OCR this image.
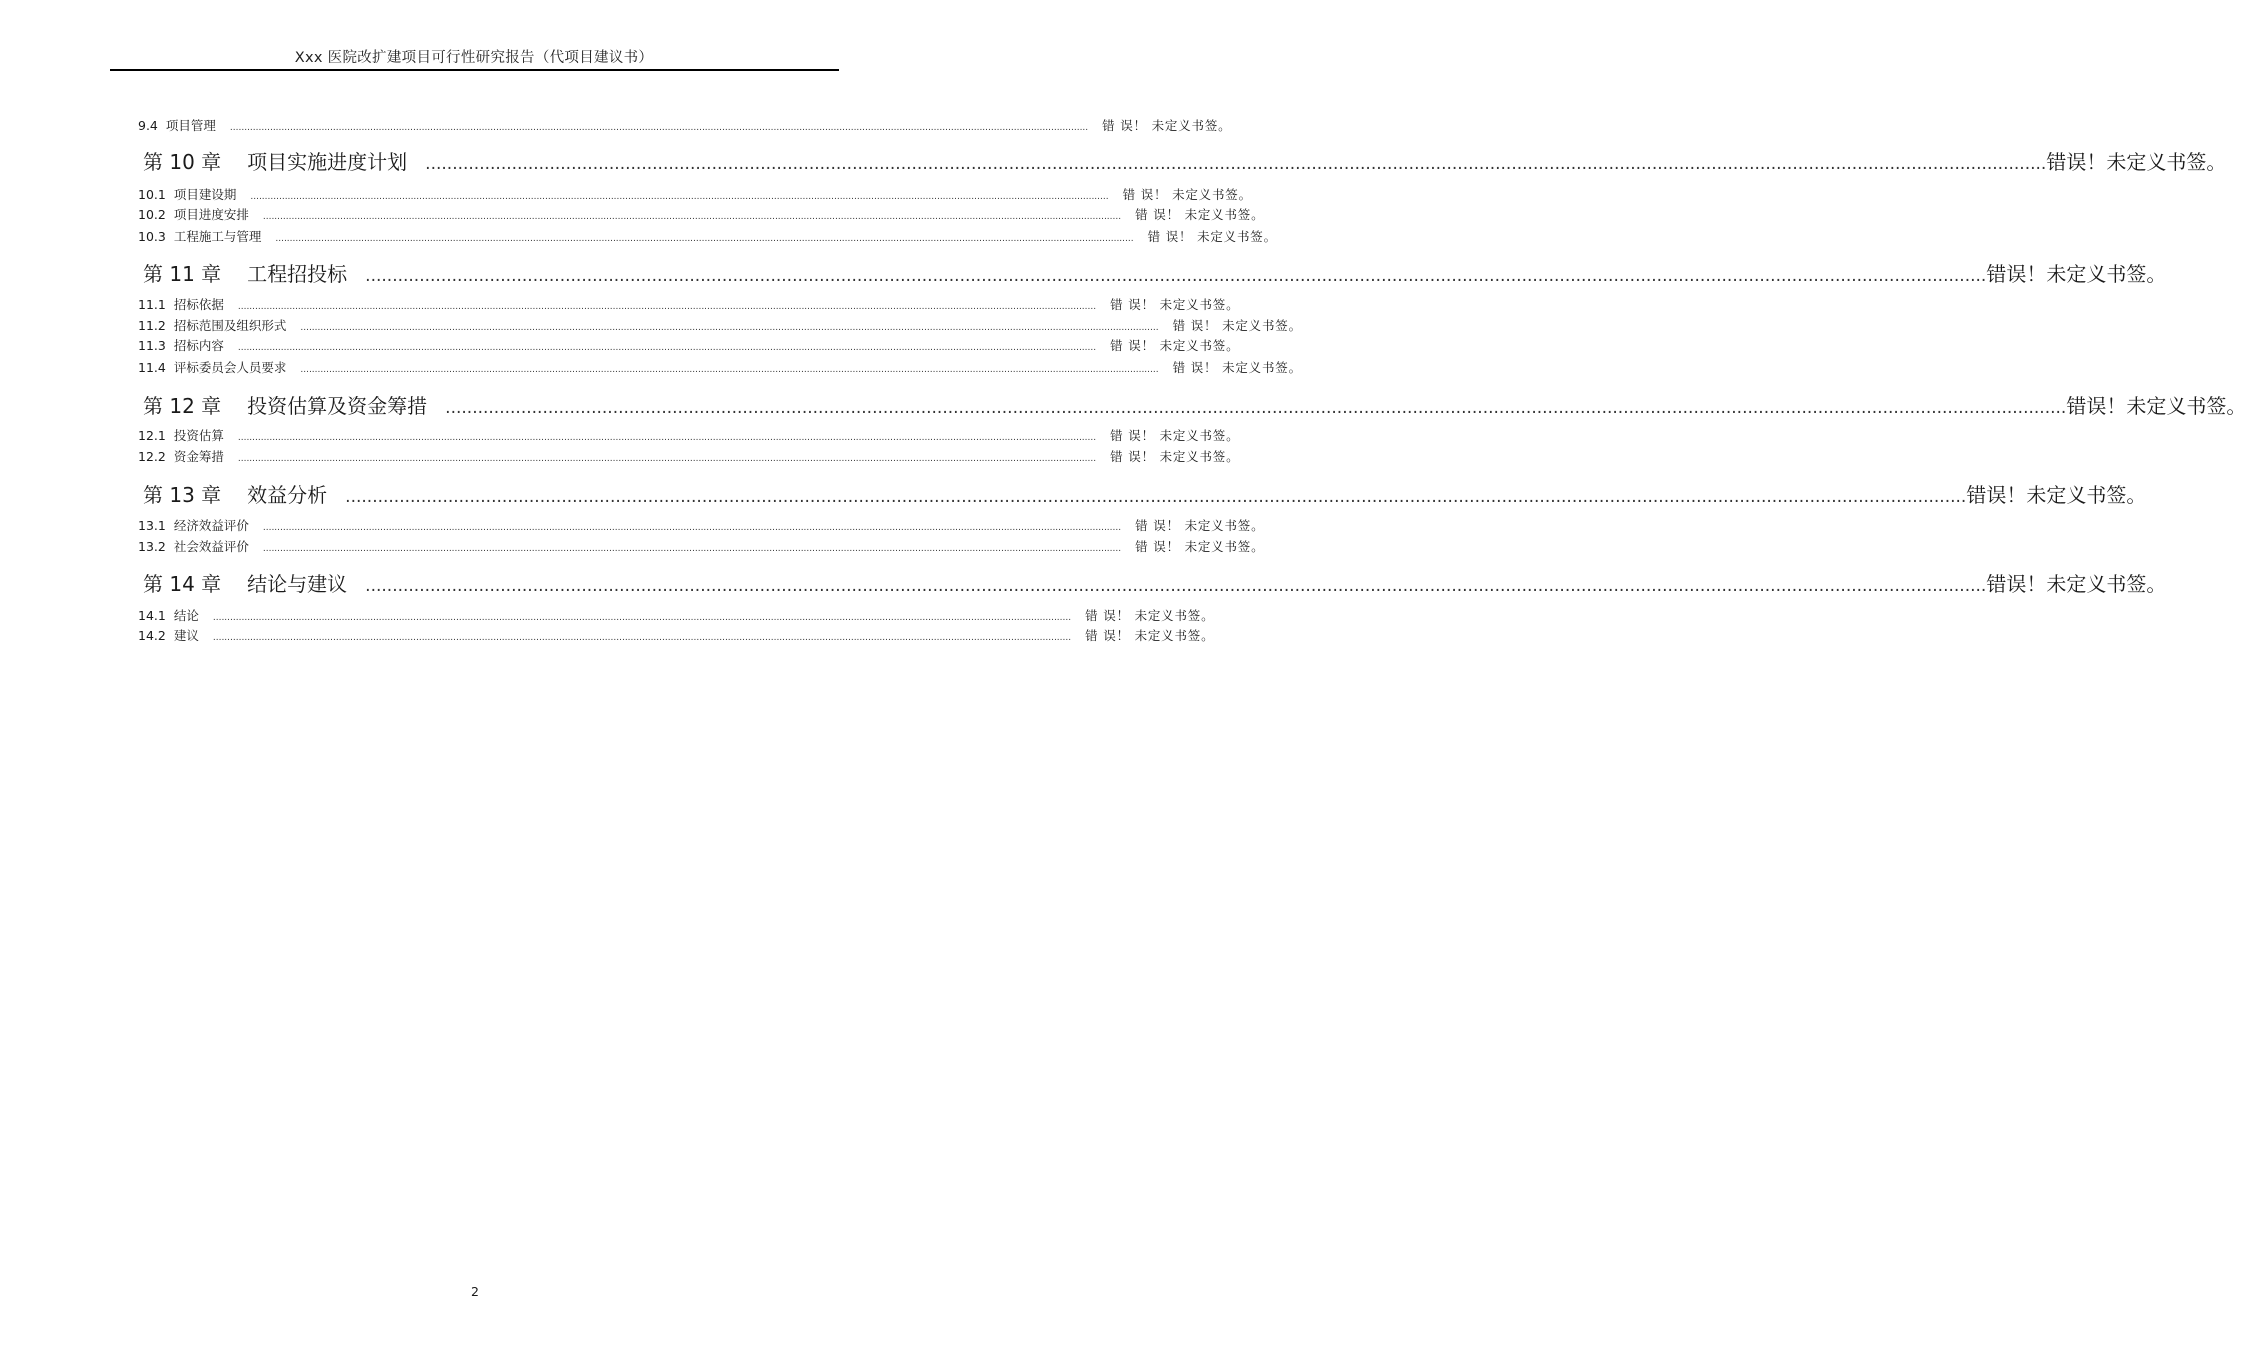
Xxx 医院改扩建项目可行性研究报告（代项目建议书）
9.4 项目管理 ............................................................................................................................................................................................................................................................................................................ 错 误！ 未定义书签。
第 10 章 项目实施进度计划 ............................................................................................................................................................................................................................................................................................................ 错误！未定义书签。
10.1 项目建设期 ............................................................................................................................................................................................................................................................................................................ 错 误！ 未定义书签。
10.2 项目进度安排 ............................................................................................................................................................................................................................................................................................................ 错 误！ 未定义书签。
10.3 工程施工与管理 ............................................................................................................................................................................................................................................................................................................ 错 误！ 未定义书签。
第 11 章 工程招投标 ............................................................................................................................................................................................................................................................................................................ 错误！未定义书签。
11.1 招标依据 ............................................................................................................................................................................................................................................................................................................ 错 误！ 未定义书签。
11.2 招标范围及组织形式 ............................................................................................................................................................................................................................................................................................................ 错 误！ 未定义书签。
11.3 招标内容 ............................................................................................................................................................................................................................................................................................................ 错 误！ 未定义书签。
11.4 评标委员会人员要求 ............................................................................................................................................................................................................................................................................................................ 错 误！ 未定义书签。
第 12 章 投资估算及资金筹措 ............................................................................................................................................................................................................................................................................................................ 错误！未定义书签。
12.1 投资估算 ............................................................................................................................................................................................................................................................................................................ 错 误！ 未定义书签。
12.2 资金筹措 ............................................................................................................................................................................................................................................................................................................ 错 误！ 未定义书签。
第 13 章 效益分析 ............................................................................................................................................................................................................................................................................................................ 错误！未定义书签。
13.1 经济效益评价 ............................................................................................................................................................................................................................................................................................................ 错 误！ 未定义书签。
13.2 社会效益评价 ............................................................................................................................................................................................................................................................................................................ 错 误！ 未定义书签。
第 14 章 结论与建议 ............................................................................................................................................................................................................................................................................................................ 错误！未定义书签。
14.1 结论 ............................................................................................................................................................................................................................................................................................................ 错 误！ 未定义书签。
14.2 建议 ............................................................................................................................................................................................................................................................................................................ 错 误！ 未定义书签。
2
